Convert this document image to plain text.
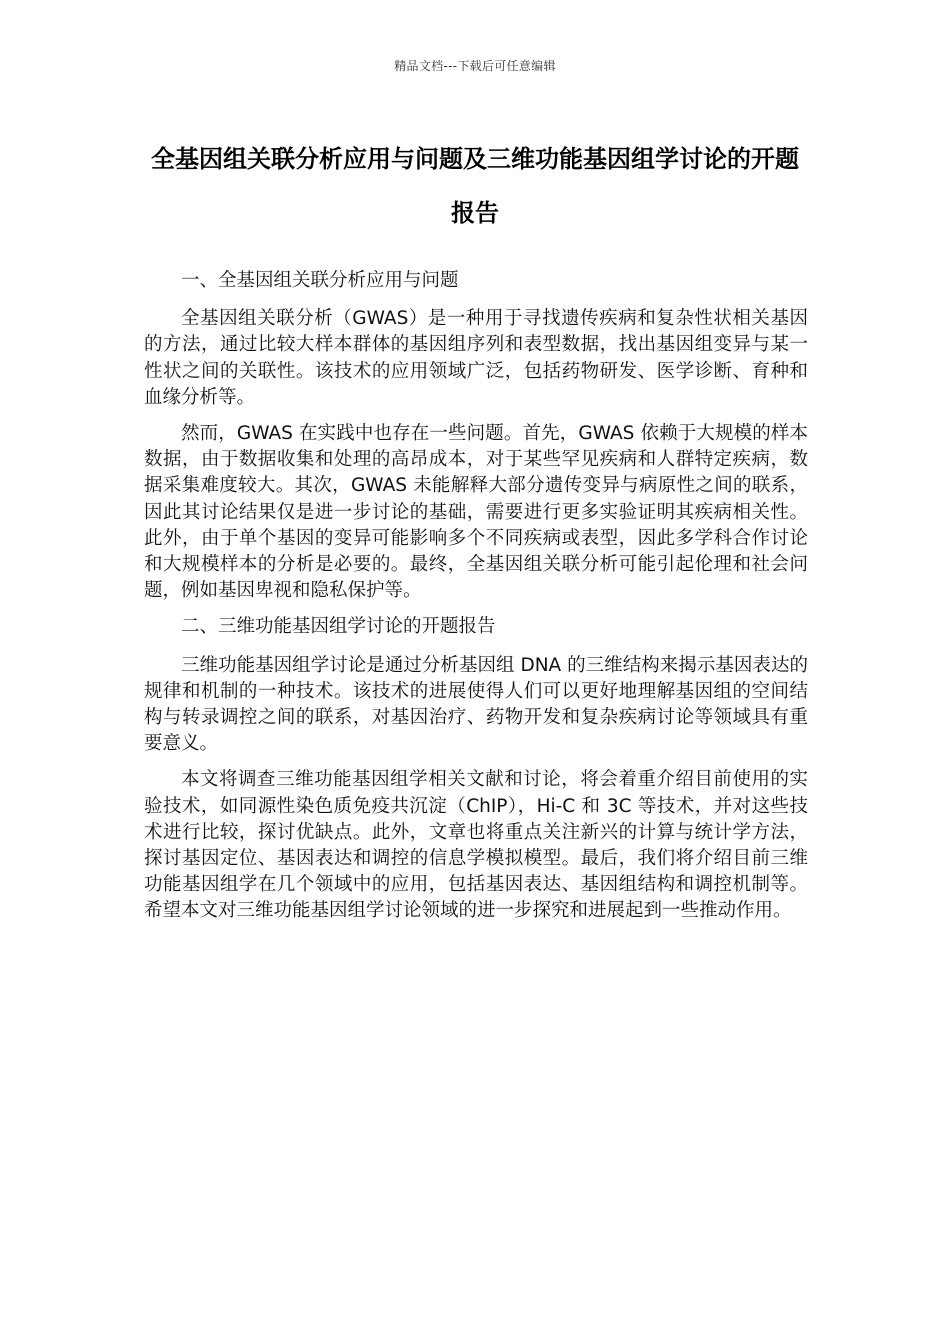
精品文档---下载后可任意编辑
全基因组关联分析应用与问题及三维功能基因组学讨论的开题报告

一、全基因组关联分析应用与问题

全基因组关联分析（GWAS）是一种用于寻找遗传疾病和复杂性状相关基因的方法，通过比较大样本群体的基因组序列和表型数据，找出基因组变异与某一性状之间的关联性。该技术的应用领域广泛，包括药物研发、医学诊断、育种和血缘分析等。

然而，GWAS 在实践中也存在一些问题。首先，GWAS 依赖于大规模的样本数据，由于数据收集和处理的高昂成本，对于某些罕见疾病和人群特定疾病，数据采集难度较大。其次，GWAS 未能解释大部分遗传变异与病原性之间的联系，因此其讨论结果仅是进一步讨论的基础，需要进行更多实验证明其疾病相关性。此外，由于单个基因的变异可能影响多个不同疾病或表型，因此多学科合作讨论和大规模样本的分析是必要的。最终，全基因组关联分析可能引起伦理和社会问题，例如基因卑视和隐私保护等。

二、三维功能基因组学讨论的开题报告

三维功能基因组学讨论是通过分析基因组 DNA 的三维结构来揭示基因表达的规律和机制的一种技术。该技术的进展使得人们可以更好地理解基因组的空间结构与转录调控之间的联系，对基因治疗、药物开发和复杂疾病讨论等领域具有重要意义。

本文将调查三维功能基因组学相关文献和讨论，将会着重介绍目前使用的实验技术，如同源性染色质免疫共沉淀（ChIP），Hi-C 和 3C 等技术，并对这些技术进行比较，探讨优缺点。此外，文章也将重点关注新兴的计算与统计学方法，探讨基因定位、基因表达和调控的信息学模拟模型。最后，我们将介绍目前三维功能基因组学在几个领域中的应用，包括基因表达、基因组结构和调控机制等。希望本文对三维功能基因组学讨论领域的进一步探究和进展起到一些推动作用。
